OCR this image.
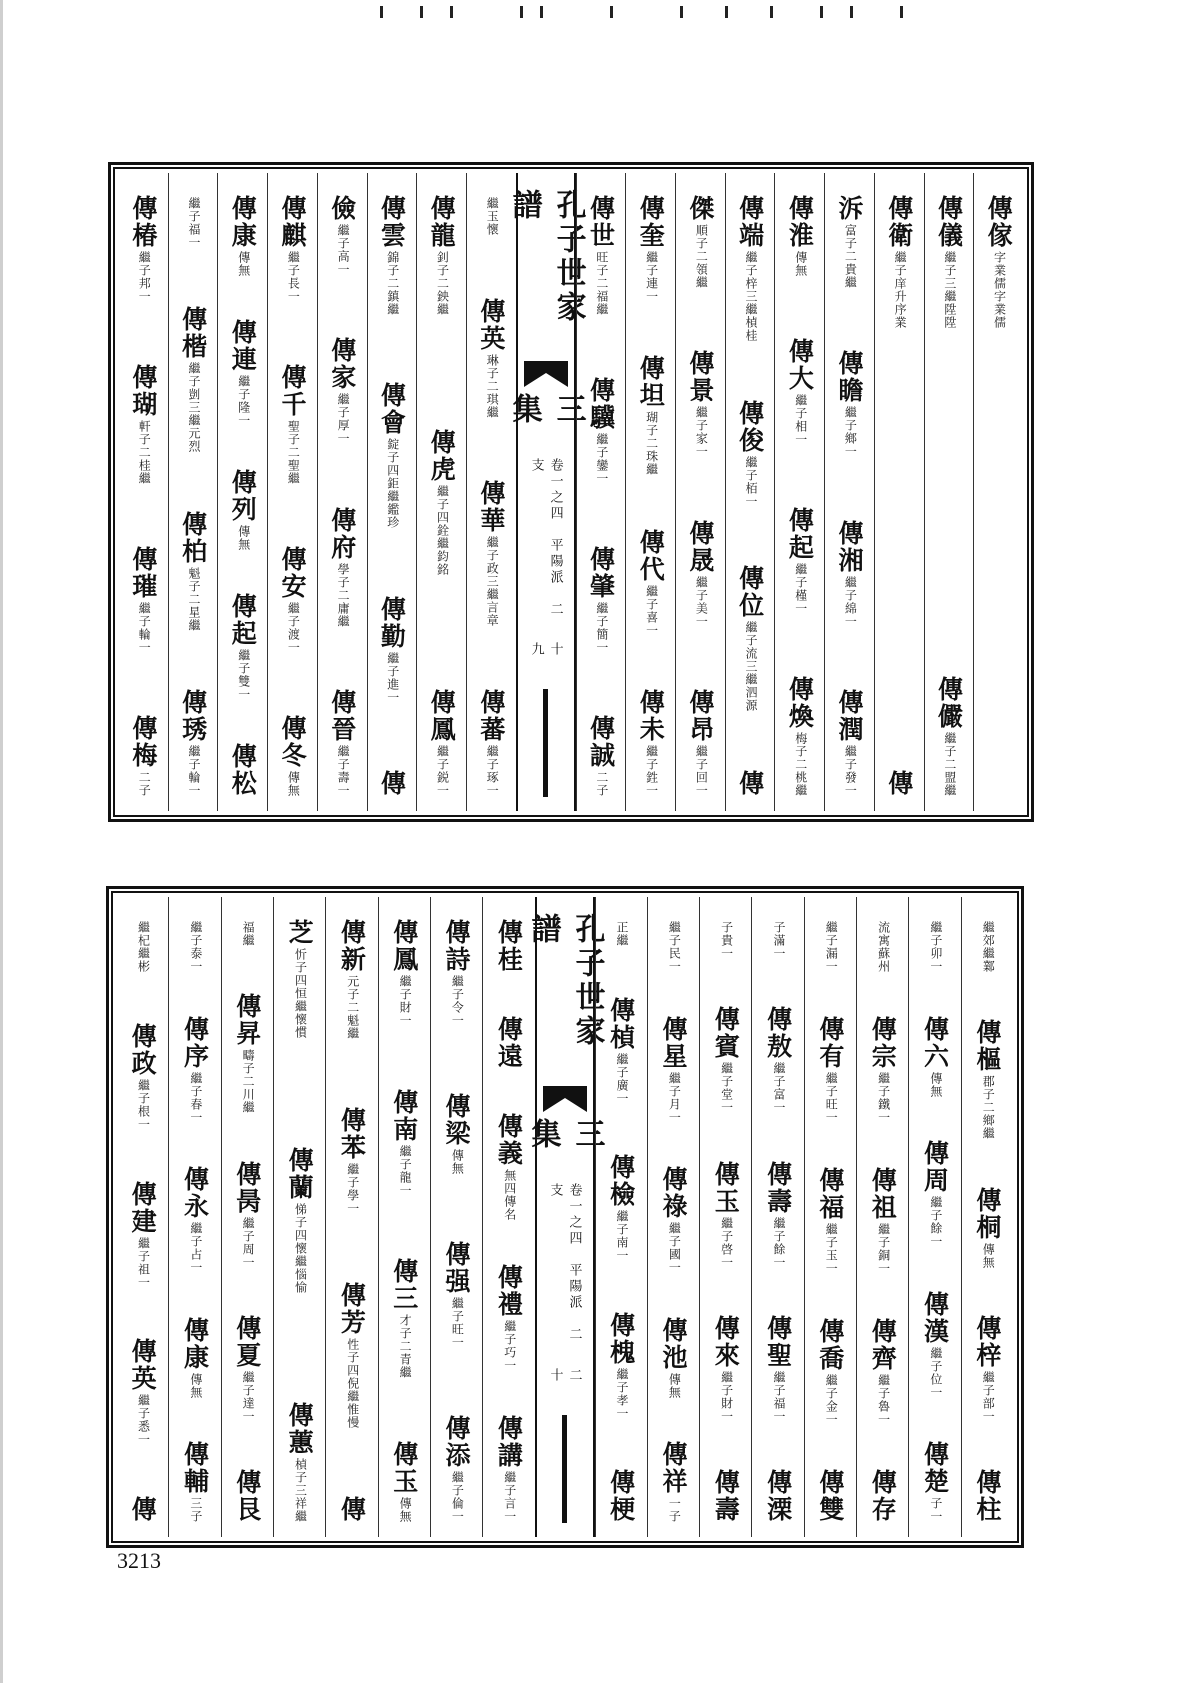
傳傢
字業儒字業儒
傳儀
繼子三繼陞陞
傳儼
繼子二盟繼
傳衛
繼子庠升序業
傳
泝
富子二貴繼
傳瞻
繼子鄉一
傳湘
繼子綿一
傳潤
繼子發一
傳淮
傳無
傳大
繼子相一
傳起
繼子槿一
傳煥
梅子二桃繼
傳端
繼子梓三繼楨桂
傳俊
繼子栢一
傳位
繼子流三繼泗源
傳
傑
順子二領繼
傳景
繼子家一
傳晟
繼子美一
傳昂
繼子回一
傳奎
繼子連一
傳坦
瑚子二珠繼
傳代
繼子喜一
傳未
繼子鉎一
傳世
旺子二福繼
傳驥
繼子鑾一
傳肇
繼子簡一
傳誠
二子
孔子世家譜
三集
卷一之四　平陽派　二支
十九
繼玉懷
傳英
琳子二琪繼
傳華
繼子政三繼言章
傳蕃
繼子琢一
傳龍
釗子二鉠繼
傳虎
繼子四銓繼鈞銘
傳鳳
繼子鋭一
傳雲
錦子二鎮繼
傳會
錠子四鉅繼鑑珍
傳勤
繼子進一
傳
儉
繼子高一
傳家
繼子厚一
傳府
學子二庸繼
傳晉
繼子壽一
傳麒
繼子長一
傳千
聖子二聖繼
傳安
繼子渡一
傳冬
傳無
傳康
傳無
傳連
繼子隆一
傳列
傳無
傳起
繼子雙一
傳松
繼子福一
傳楷
繼子剴三繼元烈
傳柏
魁子二星繼
傳琇
繼子輪一
傳椿
繼子邦一
傳瑚
軒子二桂繼
傳璀
繼子輪一
傳梅
二子
繼郊繼鄴
傳樞
郡子二鄉繼
傳桐
傳無
傳梓
繼子部一
傳柱
繼子卯一
傳六
傳無
傳周
繼子餘一
傳漢
繼子位一
傳楚
子一
流寓蘇州
傳宗
繼子鐵一
傳祖
繼子銅一
傳齊
繼子魯一
傳存
繼子漏一
傳有
繼子旺一
傳福
繼子玉一
傳喬
繼子金一
傳雙
子滿一
傳敖
繼子富一
傳壽
繼子餘一
傳聖
繼子福一
傳溧
子貴一
傳賓
繼子堂一
傳玉
繼子啓一
傳來
繼子財一
傳壽
繼子民一
傳星
繼子月一
傳祿
繼子國一
傳池
傳無
傳祥
一子
正繼
傳楨
繼子廣一
傳檢
繼子南一
傳槐
繼子孝一
傳梗
孔子世家譜
三集
卷一之四　平陽派　二支
二十
傳桂
傳遠
傳義
無四傳名
傳禮
繼子巧一
傳講
繼子言一
傳詩
繼子令一
傳梁
傳無
傳强
繼子旺一
傳添
繼子倫一
傳鳳
繼子財一
傳南
繼子龍一
傳三
才子二青繼
傳玉
傳無
傳新
元子二魁繼
傳苯
繼子學一
傳芳
性子四倪繼惟慢
傳
芝
忻子四恒繼懷慣
傳蘭
悌子四懷繼惱愉
傳蕙
楨子三祥繼
福繼
傳昇
疇子二川繼
傳昺
繼子周一
傳夏
繼子達一
傳艮
繼子泰一
傳序
繼子春一
傳永
繼子占一
傳康
傳無
傳輔
三子
繼杞繼彬
傳政
繼子根一
傳建
繼子祖一
傳英
繼子悉一
傳
3213
